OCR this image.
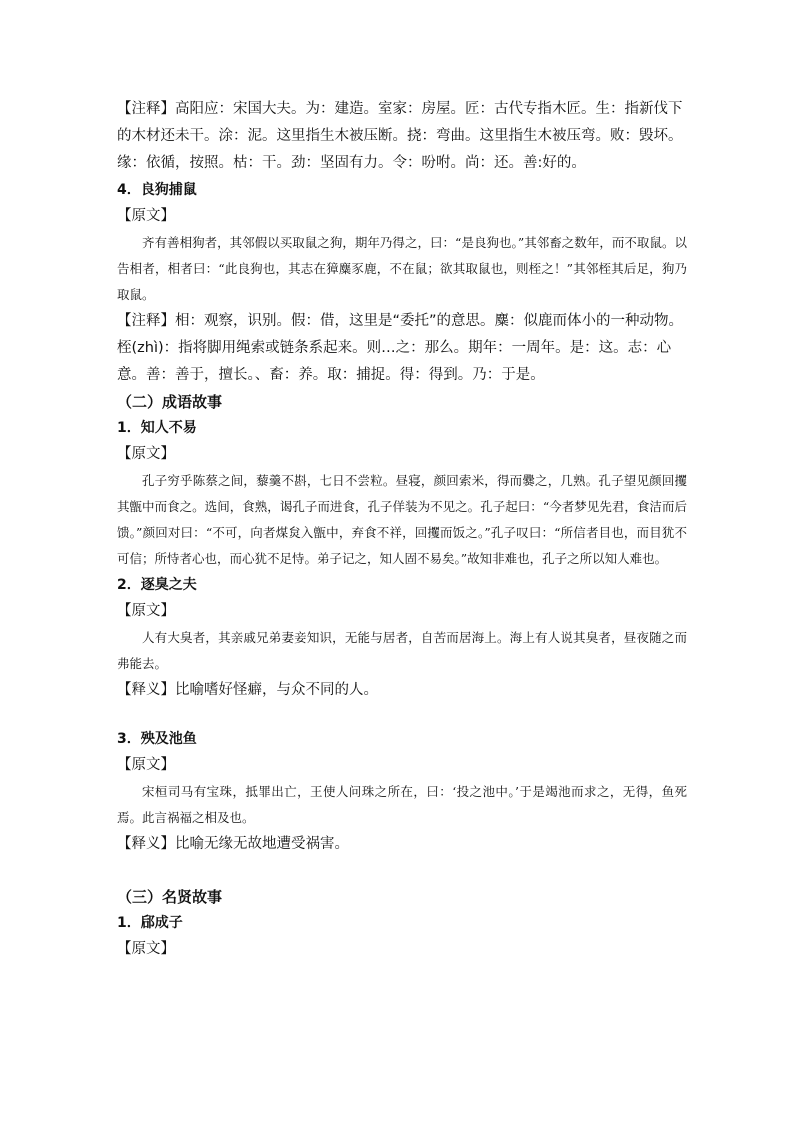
【注释】高阳应：宋国大夫。为：建造。室家：房屋。匠：古代专指木匠。生：指新伐下的木材还未干。涂：泥。这里指生木被压断。挠：弯曲。这里指生木被压弯。败：毁坏。缘：依循，按照。枯：干。劲：坚固有力。令：吩咐。尚：还。善:好的。

4．良狗捕鼠

【原文】

齐有善相狗者，其邻假以买取鼠之狗，期年乃得之，曰：“是良狗也。”其邻畜之数年，而不取鼠。以告相者，相者曰：“此良狗也，其志在獐麋豕鹿，不在鼠；欲其取鼠也，则桎之！”其邻桎其后足，狗乃取鼠。

【注释】相：观察，识别。假：借，这里是“委托”的意思。麋：似鹿而体小的一种动物。桎(zhì)：指将脚用绳索或链条系起来。则…之：那么。期年：一周年。是：这。志：心意。善：善于，擅长。、畜：养。取：捕捉。得：得到。乃：于是。

（二）成语故事

1．知人不易

【原文】

孔子穷乎陈蔡之间，藜羹不斟，七日不尝粒。昼寝，颜回索米，得而爨之，几熟。孔子望见颜回攫其甑中而食之。选间，食熟，谒孔子而进食，孔子佯装为不见之。孔子起曰：“今者梦见先君，食洁而后馈。”颜回对曰：“不可，向者煤炱入甑中，弃食不祥，回攫而饭之。”孔子叹曰：“所信者目也，而目犹不可信；所恃者心也，而心犹不足恃。弟子记之，知人固不易矣。”故知非难也，孔子之所以知人难也。

2．逐臭之夫

【原文】

人有大臭者，其亲戚兄弟妻妾知识，无能与居者，自苦而居海上。海上有人说其臭者，昼夜随之而弗能去。

【释义】比喻嗜好怪癖，与众不同的人。

3．殃及池鱼

【原文】

宋桓司马有宝珠，抵罪出亡，王使人问珠之所在，曰：‘投之池中。’于是竭池而求之，无得，鱼死焉。此言祸福之相及也。

【释义】比喻无缘无故地遭受祸害。

（三）名贤故事

1．郈成子

【原文】
